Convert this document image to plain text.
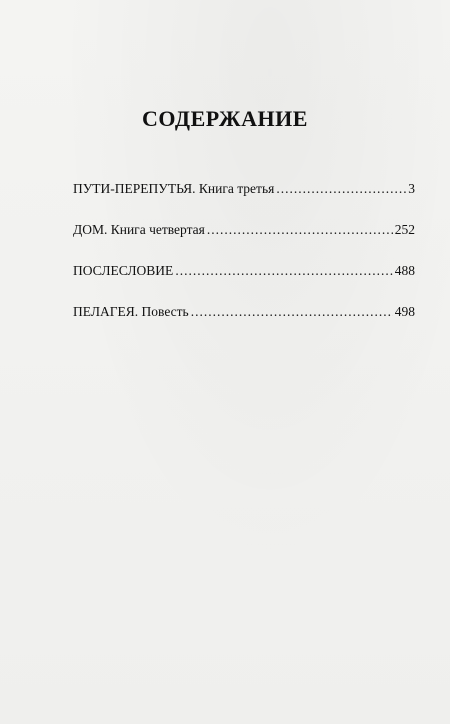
СОДЕРЖАНИЕ
ПУТИ-ПЕРЕПУТЬЯ. Книга третья .....	3
ДОМ. Книга четвертая .....	252
ПОСЛЕСЛОВИЕ .....	488
ПЕЛАГЕЯ. Повесть .....	498
